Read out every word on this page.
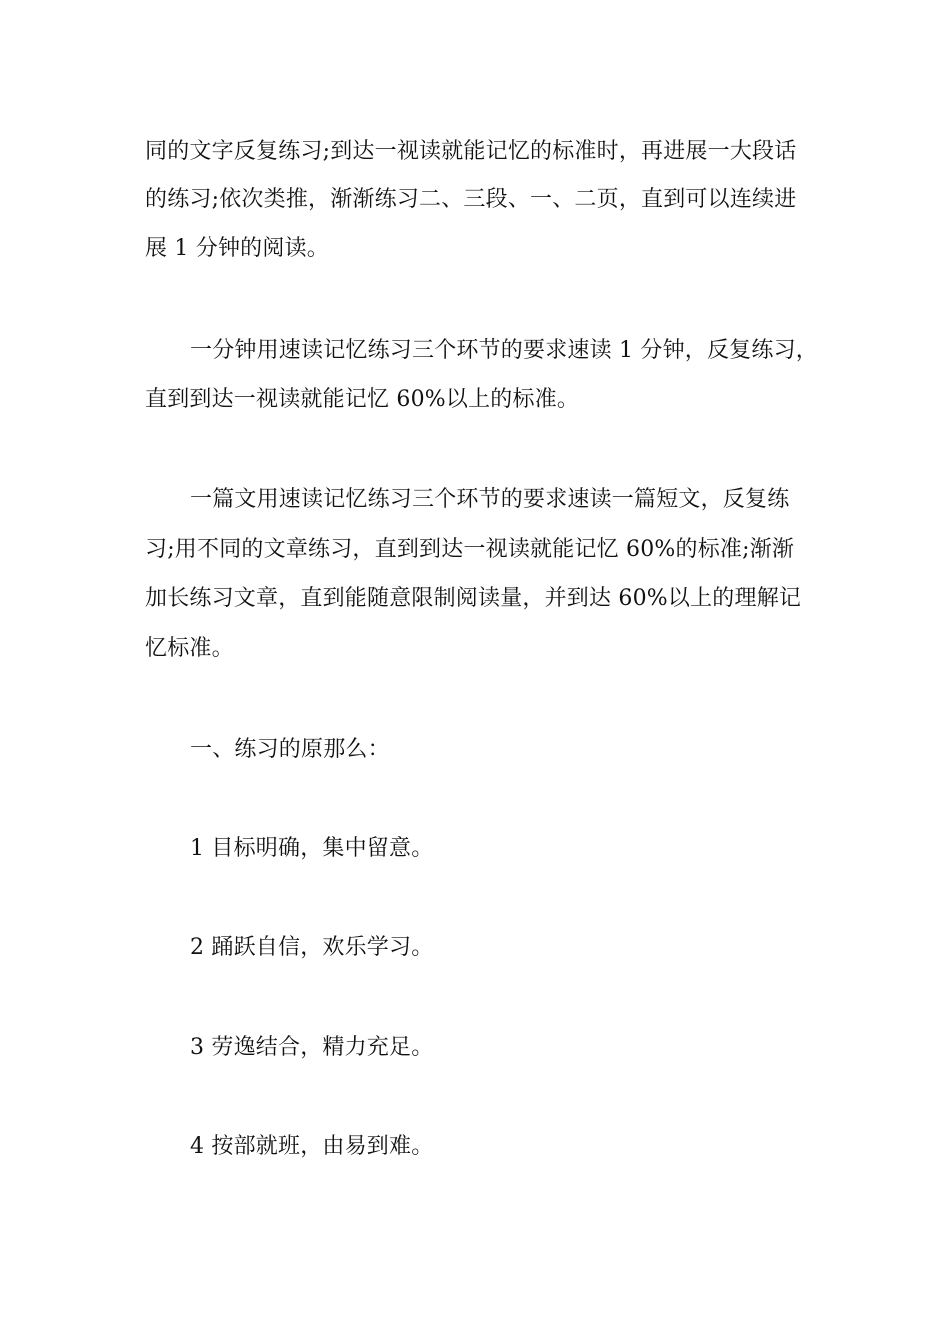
同的文字反复练习;到达一视读就能记忆的标准时，再进展一大段话
的练习;依次类推，渐渐练习二、三段、一、二页，直到可以连续进
展 1 分钟的阅读。
一分钟用速读记忆练习三个环节的要求速读 1 分钟，反复练习，
直到到达一视读就能记忆 60%以上的标准。
一篇文用速读记忆练习三个环节的要求速读一篇短文，反复练
习;用不同的文章练习，直到到达一视读就能记忆 60%的标准;渐渐
加长练习文章，直到能随意限制阅读量，并到达 60%以上的理解记
忆标准。
一、练习的原那么：
1 目标明确，集中留意。
2 踊跃自信，欢乐学习。
3 劳逸结合，精力充足。
4 按部就班，由易到难。
